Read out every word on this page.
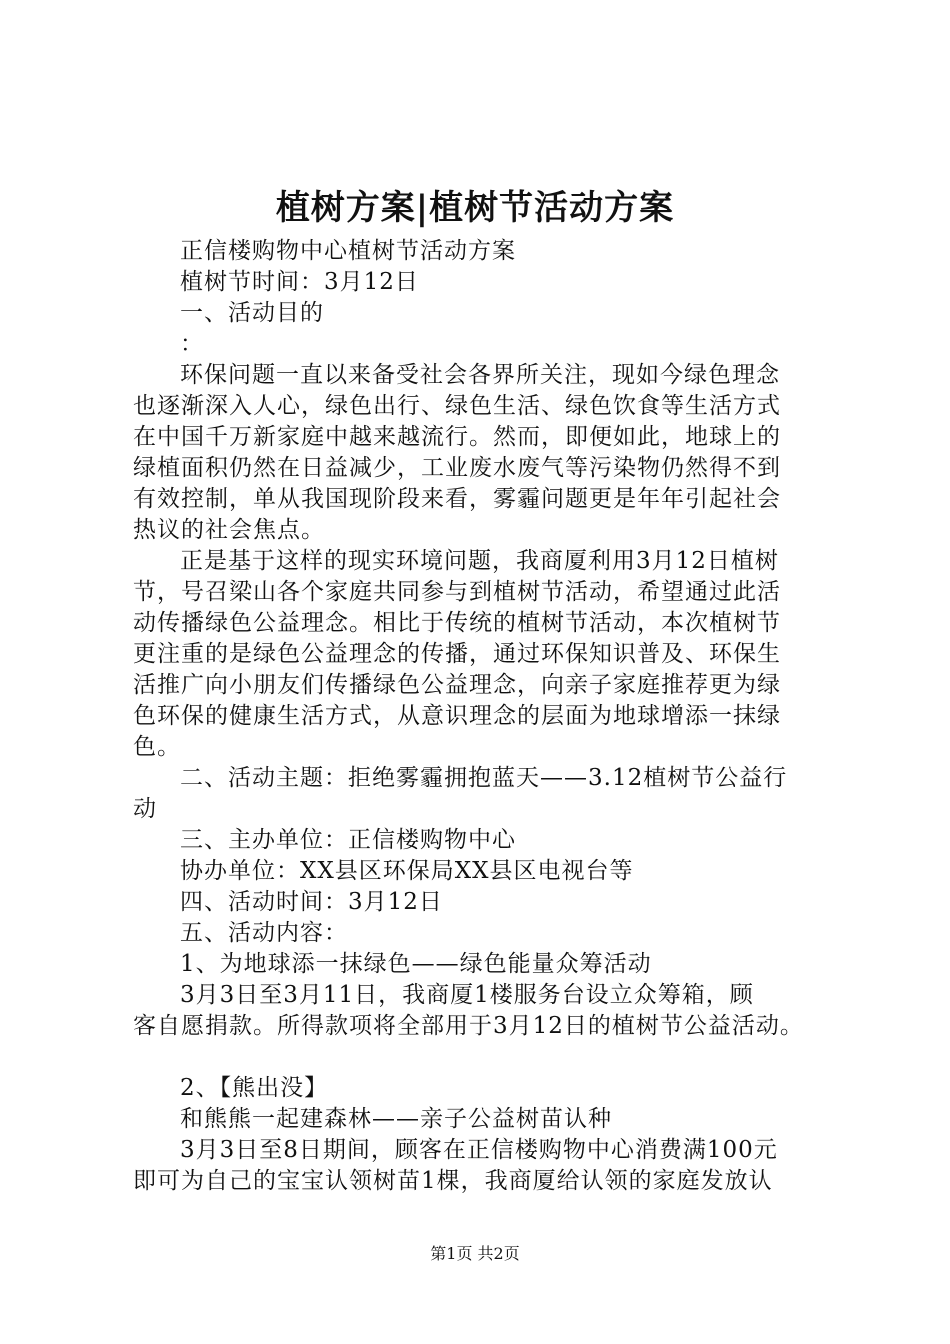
植树方案|植树节活动方案
正信楼购物中心植树节活动方案
植树节时间：3月12日
一、活动目的
：
环保问题一直以来备受社会各界所关注，现如今绿色理念
也逐渐深入人心，绿色出行、绿色生活、绿色饮食等生活方式
在中国千万新家庭中越来越流行。然而，即便如此，地球上的
绿植面积仍然在日益减少，工业废水废气等污染物仍然得不到
有效控制，单从我国现阶段来看，雾霾问题更是年年引起社会
热议的社会焦点。
正是基于这样的现实环境问题，我商厦利用3月12日植树
节，号召梁山各个家庭共同参与到植树节活动，希望通过此活
动传播绿色公益理念。相比于传统的植树节活动，本次植树节
更注重的是绿色公益理念的传播，通过环保知识普及、环保生
活推广向小朋友们传播绿色公益理念，向亲子家庭推荐更为绿
色环保的健康生活方式，从意识理念的层面为地球增添一抹绿
色。
二、活动主题：拒绝雾霾拥抱蓝天——3.12植树节公益行
动
三、主办单位：正信楼购物中心
协办单位：XX县区环保局XX县区电视台等
四、活动时间：3月12日
五、活动内容：
1、为地球添一抹绿色——绿色能量众筹活动
3月3日至3月11日，我商厦1楼服务台设立众筹箱，顾
客自愿捐款。所得款项将全部用于3月12日的植树节公益活动。
2、【熊出没】
和熊熊一起建森林——亲子公益树苗认种
3月3日至8日期间，顾客在正信楼购物中心消费满100元
即可为自己的宝宝认领树苗1棵，我商厦给认领的家庭发放认
第1页 共2页
